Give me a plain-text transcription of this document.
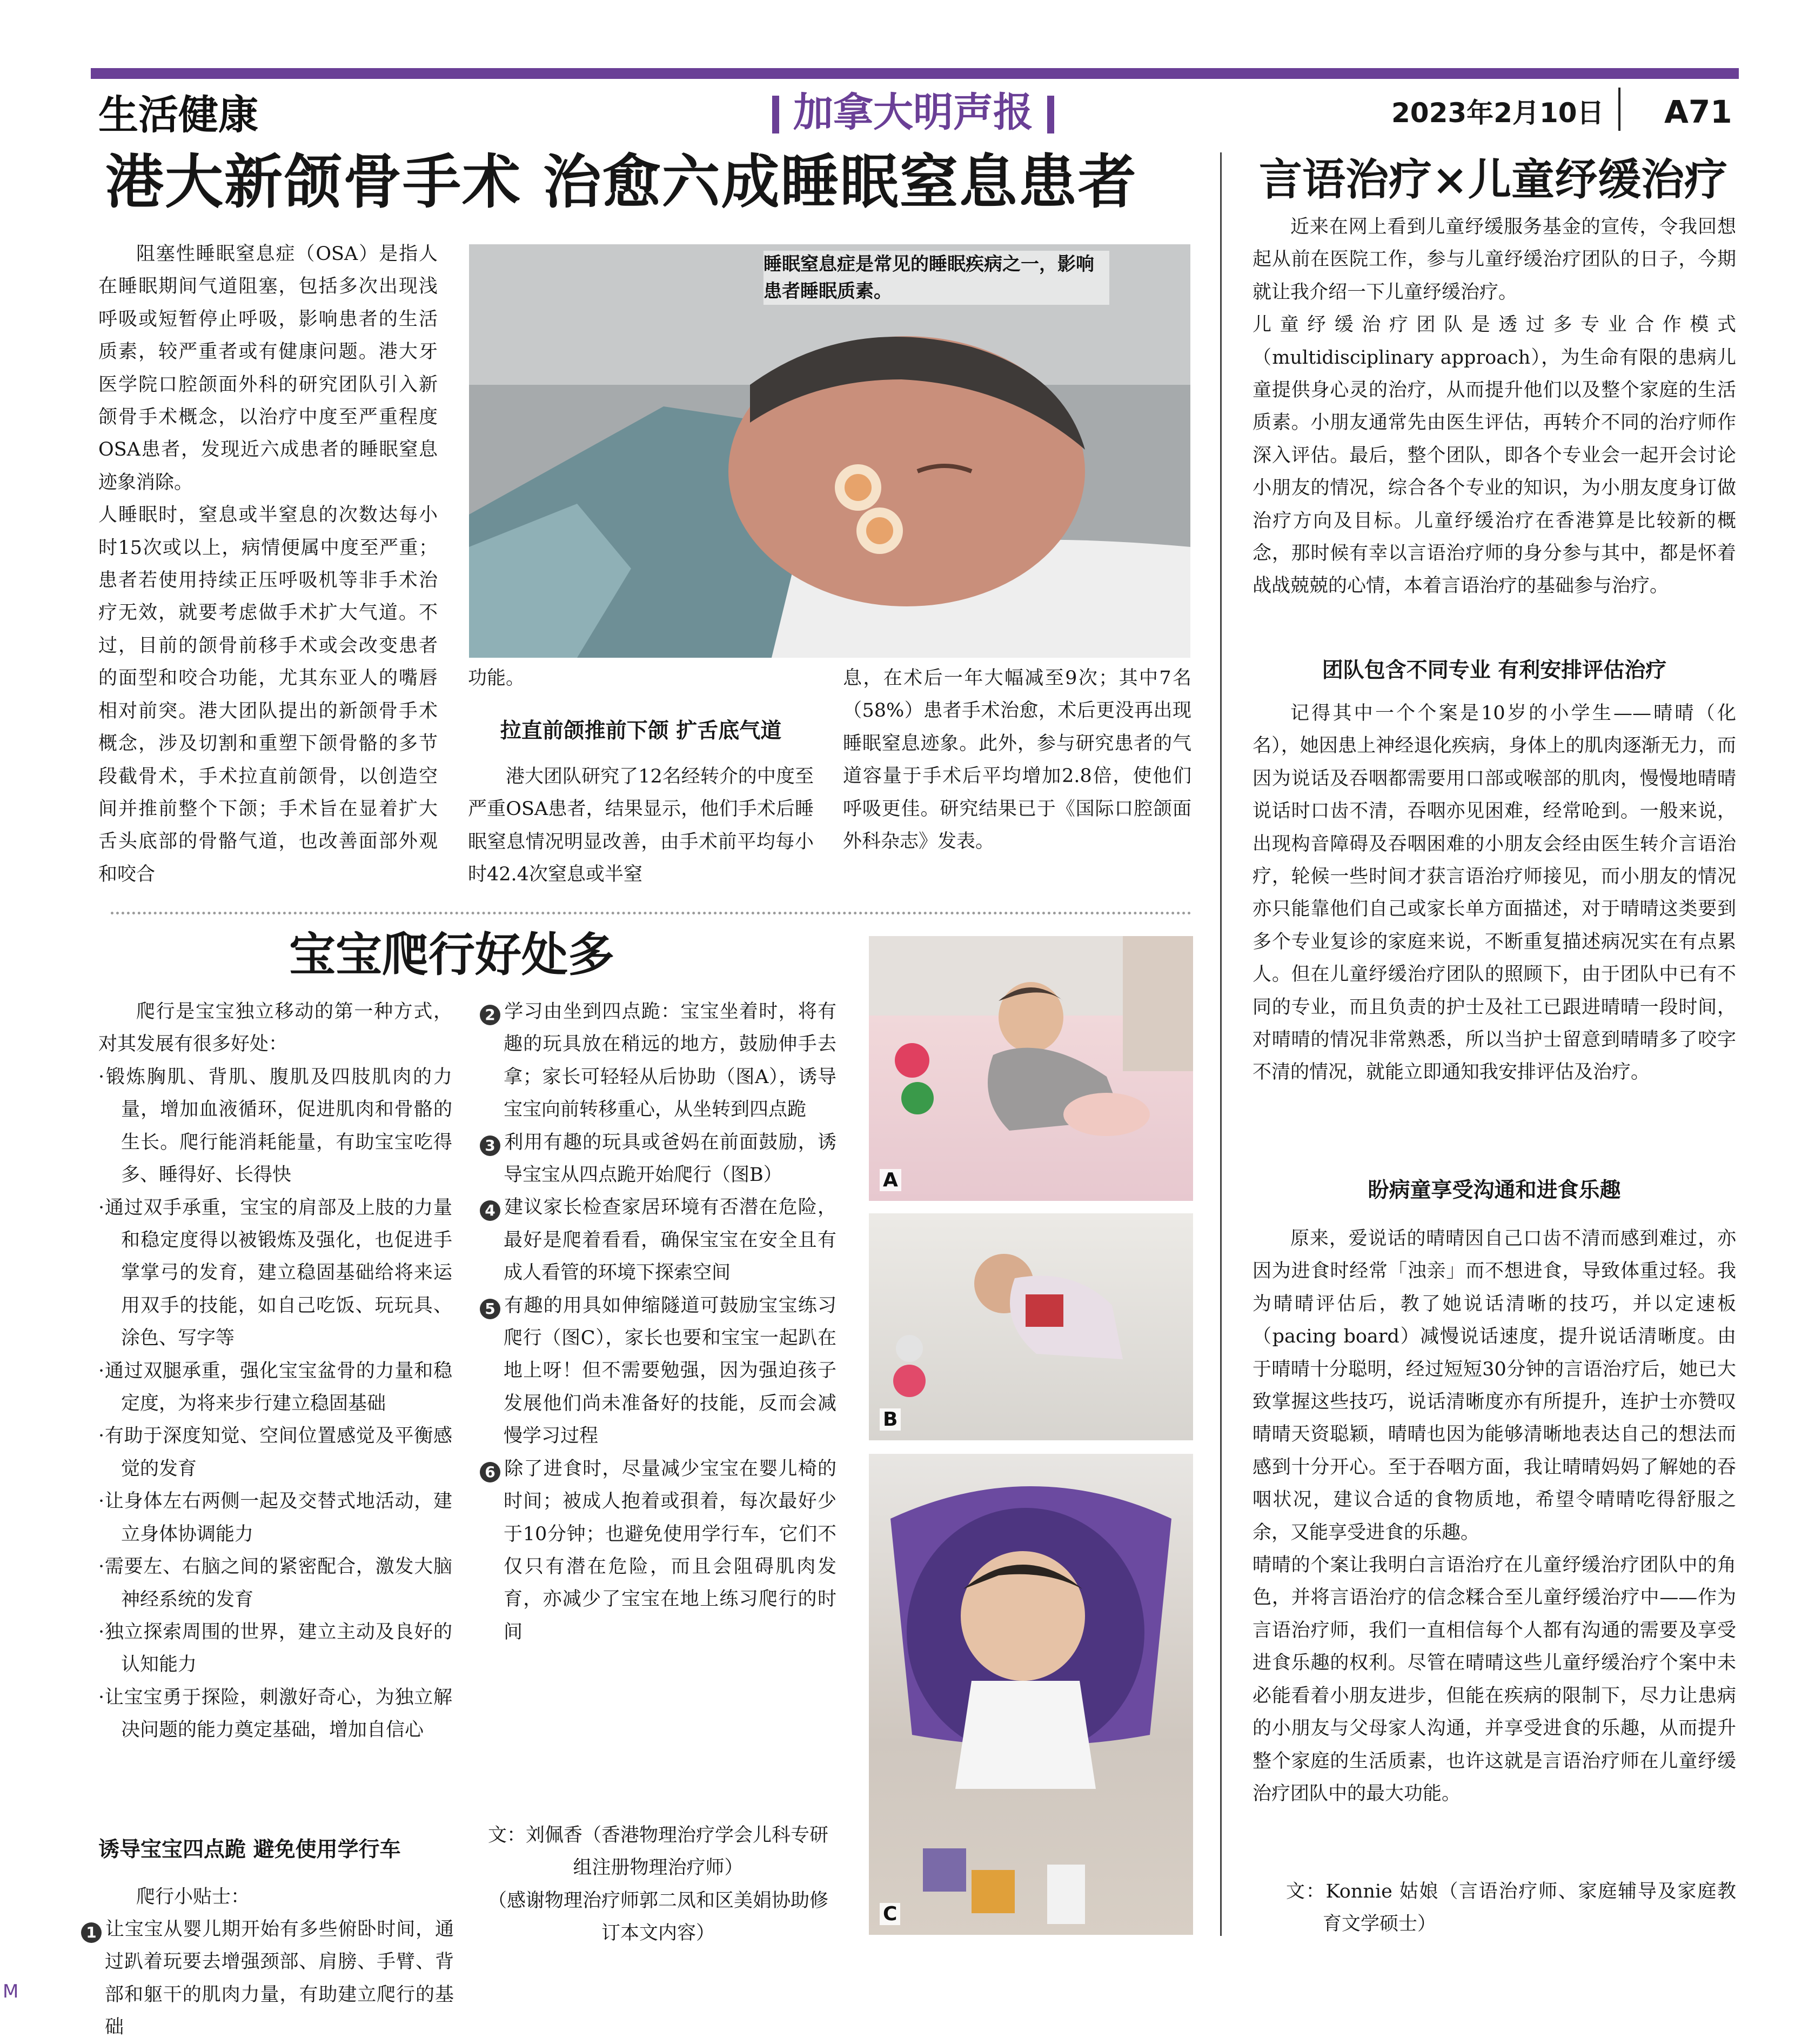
生活健康	加拿大明声报	2023年2月10日 A71
港大新颌骨手术 治愈六成睡眠窒息患者
睡眠窒息症是常见的睡眠疾病之一，影响患者睡眠质素。
阻塞性睡眠窒息症（OSA）是指人在睡眠期间气道阻塞，包括多次出现浅呼吸或短暂停止呼吸，影响患者的生活质素，较严重者或有健康问题。港大牙医学院口腔颌面外科的研究团队引入新颌骨手术概念，以治疗中度至严重程度OSA患者，发现近六成患者的睡眠窒息迹象消除。
人睡眠时，窒息或半窒息的次数达每小时15次或以上，病情便属中度至严重；患者若使用持续正压呼吸机等非手术治疗无效，就要考虑做手术扩大气道。不过，目前的颌骨前移手术或会改变患者的面型和咬合功能，尤其东亚人的嘴唇相对前突。港大团队提出的新颌骨手术概念，涉及切割和重塑下颌骨骼的多节段截骨术，手术拉直前颌骨，以创造空间并推前整个下颌；手术旨在显着扩大舌头底部的骨骼气道，也改善面部外观和咬合
功能。
拉直前颌推前下颌 扩舌底气道
港大团队研究了12名经转介的中度至严重OSA患者，结果显示，他们手术后睡眠窒息情况明显改善，由手术前平均每小时42.4次窒息或半窒
息，在术后一年大幅减至9次；其中7名（58%）患者手术治愈，术后更没再出现睡眠窒息迹象。此外，参与研究患者的气道容量于手术后平均增加2.8倍，使他们呼吸更佳。研究结果已于《国际口腔颌面外科杂志》发表。
宝宝爬行好处多
爬行是宝宝独立移动的第一种方式，对其发展有很多好处：
·锻炼胸肌、背肌、腹肌及四肢肌肉的力量，增加血液循环，促进肌肉和骨骼的生长。爬行能消耗能量，有助宝宝吃得多、睡得好、长得快
·通过双手承重，宝宝的肩部及上肢的力量和稳定度得以被锻炼及强化，也促进手掌掌弓的发育，建立稳固基础给将来运用双手的技能，如自己吃饭、玩玩具、涂色、写字等
·通过双腿承重，强化宝宝盆骨的力量和稳定度，为将来步行建立稳固基础
·有助于深度知觉、空间位置感觉及平衡感觉的发育
·让身体左右两侧一起及交替式地活动，建立身体协调能力
·需要左、右脑之间的紧密配合，激发大脑神经系统的发育
·独立探索周围的世界，建立主动及良好的认知能力
·让宝宝勇于探险，刺激好奇心，为独立解决问题的能力奠定基础，增加自信心
诱导宝宝四点跪 避免使用学行车
爬行小贴士：
1 让宝宝从婴儿期开始有多些俯卧时间，通过趴着玩要去增强颈部、肩膀、手臂、背部和躯干的肌肉力量，有助建立爬行的基础
2 学习由坐到四点跪：宝宝坐着时，将有趣的玩具放在稍远的地方，鼓励伸手去拿；家长可轻轻从后协助（图A），诱导宝宝向前转移重心，从坐转到四点跪
3 利用有趣的玩具或爸妈在前面鼓励，诱导宝宝从四点跪开始爬行（图B）
4 建议家长检查家居环境有否潜在危险，最好是爬着看看，确保宝宝在安全且有成人看管的环境下探索空间
5 有趣的用具如伸缩隧道可鼓励宝宝练习爬行（图C），家长也要和宝宝一起趴在地上呀！但不需要勉强，因为强迫孩子发展他们尚未准备好的技能，反而会减慢学习过程
6 除了进食时，尽量减少宝宝在婴儿椅的时间；被成人抱着或孭着，每次最好少于10分钟；也避免使用学行车，它们不仅只有潜在危险，而且会阻碍肌肉发育，亦减少了宝宝在地上练习爬行的时间
文：刘佩香（香港物理治疗学会儿科专研组注册物理治疗师）
（感谢物理治疗师郭二凤和区美娟协助修订本文内容）
A
B
C
言语治疗×儿童纾缓治疗
近来在网上看到儿童纾缓服务基金的宣传，令我回想起从前在医院工作，参与儿童纾缓治疗团队的日子，今期就让我介绍一下儿童纾缓治疗。
儿童纾缓治疗团队是透过多专业合作模式（multidisciplinary approach），为生命有限的患病儿童提供身心灵的治疗，从而提升他们以及整个家庭的生活质素。小朋友通常先由医生评估，再转介不同的治疗师作深入评估。最后，整个团队，即各个专业会一起开会讨论小朋友的情况，综合各个专业的知识，为小朋友度身订做治疗方向及目标。儿童纾缓治疗在香港算是比较新的概念，那时候有幸以言语治疗师的身分参与其中，都是怀着战战兢兢的心情，本着言语治疗的基础参与治疗。
团队包含不同专业 有利安排评估治疗
记得其中一个个案是10岁的小学生——晴晴（化名），她因患上神经退化疾病，身体上的肌肉逐渐无力，而因为说话及吞咽都需要用口部或喉部的肌肉，慢慢地晴晴说话时口齿不清，吞咽亦见困难，经常呛到。一般来说，出现构音障碍及吞咽困难的小朋友会经由医生转介言语治疗，轮候一些时间才获言语治疗师接见，而小朋友的情况亦只能靠他们自己或家长单方面描述，对于晴晴这类要到多个专业复诊的家庭来说，不断重复描述病况实在有点累人。但在儿童纾缓治疗团队的照顾下，由于团队中已有不同的专业，而且负责的护士及社工已跟进晴晴一段时间，对晴晴的情况非常熟悉，所以当护士留意到晴晴多了咬字不清的情况，就能立即通知我安排评估及治疗。
盼病童享受沟通和进食乐趣
原来，爱说话的晴晴因自己口齿不清而感到难过，亦因为进食时经常「浊亲」而不想进食，导致体重过轻。我为晴晴评估后，教了她说话清晰的技巧，并以定速板（pacing board）减慢说话速度，提升说话清晰度。由于晴晴十分聪明，经过短短30分钟的言语治疗后，她已大致掌握这些技巧，说话清晰度亦有所提升，连护士亦赞叹晴晴天资聪颖，晴晴也因为能够清晰地表达自己的想法而感到十分开心。至于吞咽方面，我让晴晴妈妈了解她的吞咽状况，建议合适的食物质地，希望令晴晴吃得舒服之余，又能享受进食的乐趣。
晴晴的个案让我明白言语治疗在儿童纾缓治疗团队中的角色，并将言语治疗的信念糅合至儿童纾缓治疗中——作为言语治疗师，我们一直相信每个人都有沟通的需要及享受进食乐趣的权利。尽管在晴晴这些儿童纾缓治疗个案中未必能看着小朋友进步，但能在疾病的限制下，尽力让患病的小朋友与父母家人沟通，并享受进食的乐趣，从而提升整个家庭的生活质素，也许这就是言语治疗师在儿童纾缓治疗团队中的最大功能。
文：Konnie 姑娘（言语治疗师、家庭辅导及家庭教育文学硕士）
M
